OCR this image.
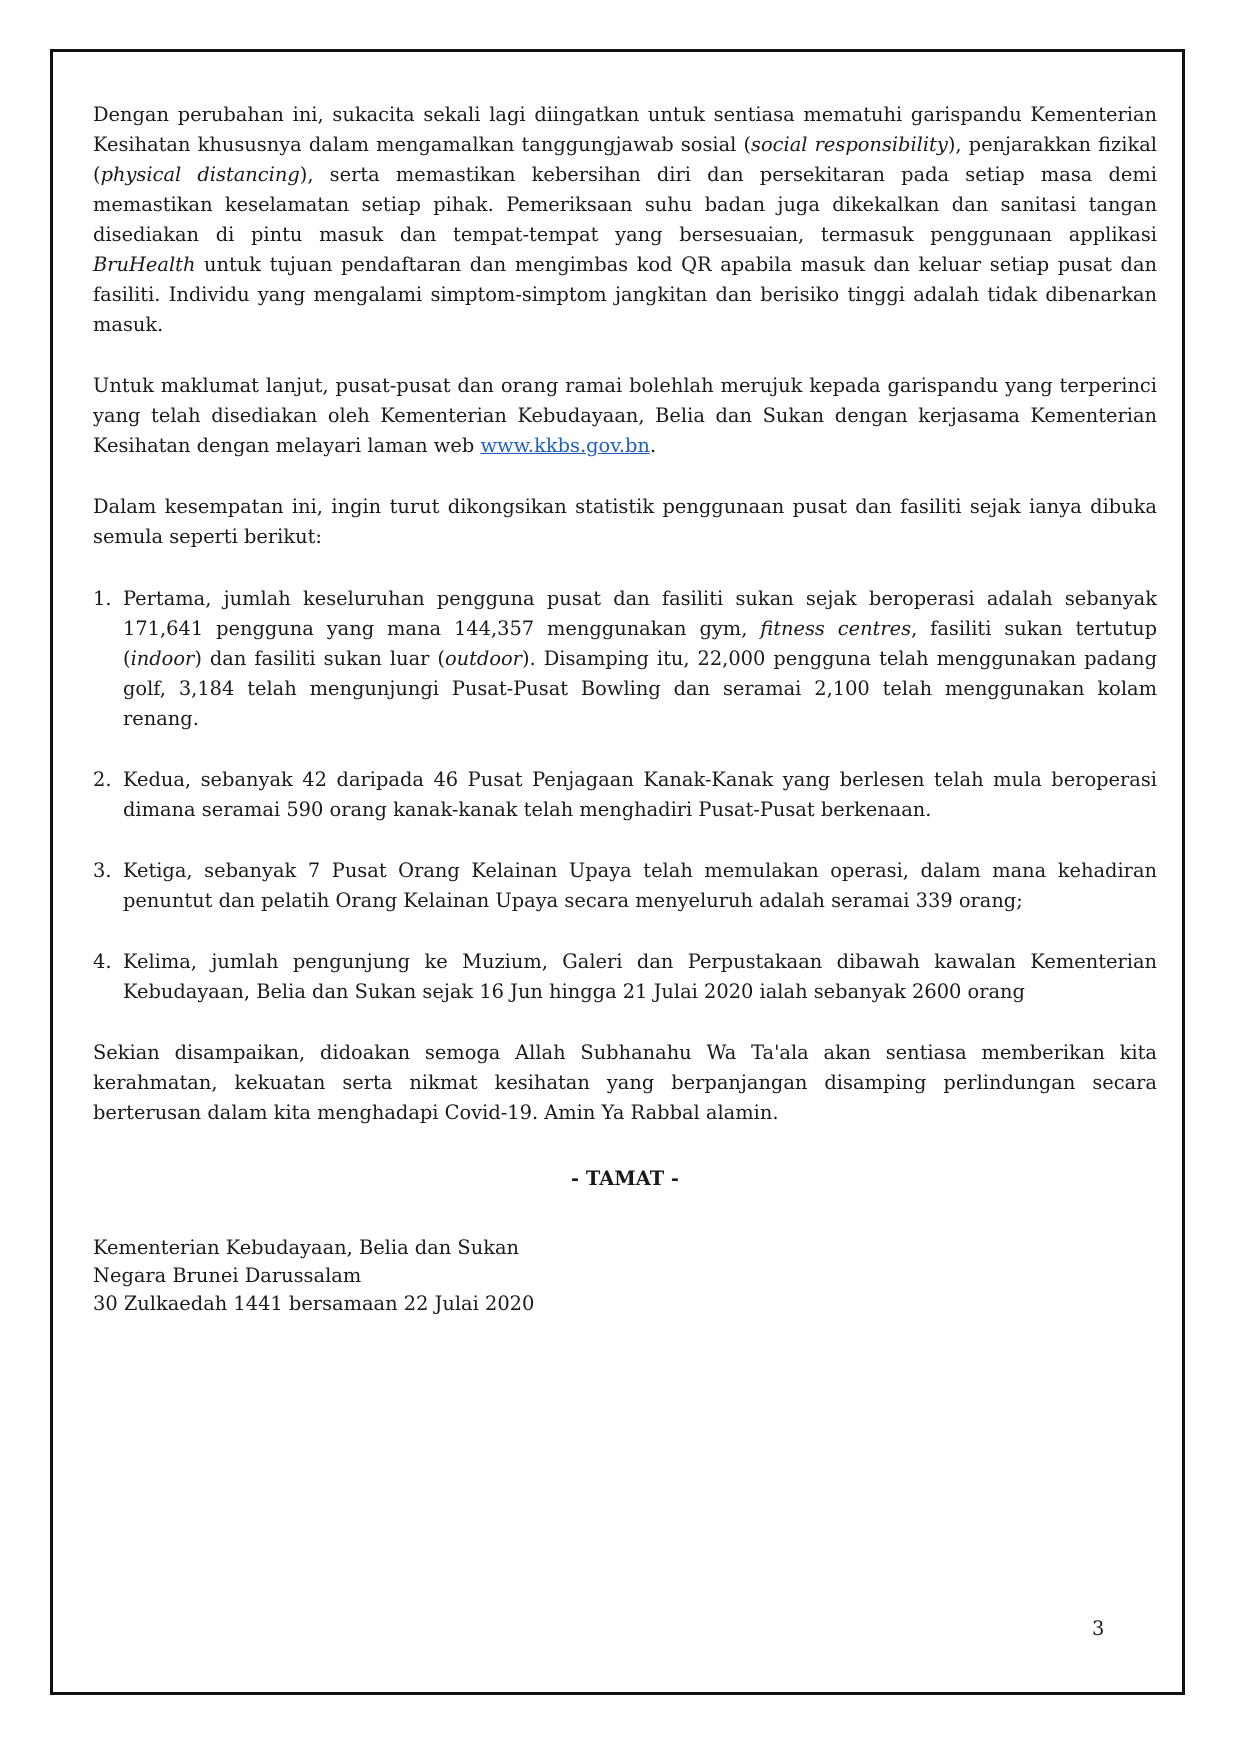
Dengan perubahan ini, sukacita sekali lagi diingatkan untuk sentiasa mematuhi garispandu Kementerian Kesihatan khususnya dalam mengamalkan tanggungjawab sosial (social responsibility), penjarakkan fizikal (physical distancing), serta memastikan kebersihan diri dan persekitaran pada setiap masa demi memastikan keselamatan setiap pihak. Pemeriksaan suhu badan juga dikekalkan dan sanitasi tangan disediakan di pintu masuk dan tempat-tempat yang bersesuaian, termasuk penggunaan applikasi BruHealth untuk tujuan pendaftaran dan mengimbas kod QR apabila masuk dan keluar setiap pusat dan fasiliti. Individu yang mengalami simptom-simptom jangkitan dan berisiko tinggi adalah tidak dibenarkan masuk.

Untuk maklumat lanjut, pusat-pusat dan orang ramai bolehlah merujuk kepada garispandu yang terperinci yang telah disediakan oleh Kementerian Kebudayaan, Belia dan Sukan dengan kerjasama Kementerian Kesihatan dengan melayari laman web www.kkbs.gov.bn.

Dalam kesempatan ini, ingin turut dikongsikan statistik penggunaan pusat dan fasiliti sejak ianya dibuka semula seperti berikut:

1. Pertama, jumlah keseluruhan pengguna pusat dan fasiliti sukan sejak beroperasi adalah sebanyak 171,641 pengguna yang mana 144,357 menggunakan gym, fitness centres, fasiliti sukan tertutup (indoor) dan fasiliti sukan luar (outdoor). Disamping itu, 22,000 pengguna telah menggunakan padang golf, 3,184 telah mengunjungi Pusat-Pusat Bowling dan seramai 2,100 telah menggunakan kolam renang.
2. Kedua, sebanyak 42 daripada 46 Pusat Penjagaan Kanak-Kanak yang berlesen telah mula beroperasi dimana seramai 590 orang kanak-kanak telah menghadiri Pusat-Pusat berkenaan.
3. Ketiga, sebanyak 7 Pusat Orang Kelainan Upaya telah memulakan operasi, dalam mana kehadiran penuntut dan pelatih Orang Kelainan Upaya secara menyeluruh adalah seramai 339 orang;
4. Kelima, jumlah pengunjung ke Muzium, Galeri dan Perpustakaan dibawah kawalan Kementerian Kebudayaan, Belia dan Sukan sejak 16 Jun hingga 21 Julai 2020 ialah sebanyak 2600 orang

Sekian disampaikan, didoakan semoga Allah Subhanahu Wa Ta'ala akan sentiasa memberikan kita kerahmatan, kekuatan serta nikmat kesihatan yang berpanjangan disamping perlindungan secara berterusan dalam kita menghadapi Covid-19. Amin Ya Rabbal alamin.

- TAMAT -

Kementerian Kebudayaan, Belia dan Sukan
Negara Brunei Darussalam
30 Zulkaedah 1441 bersamaan 22 Julai 2020
3
